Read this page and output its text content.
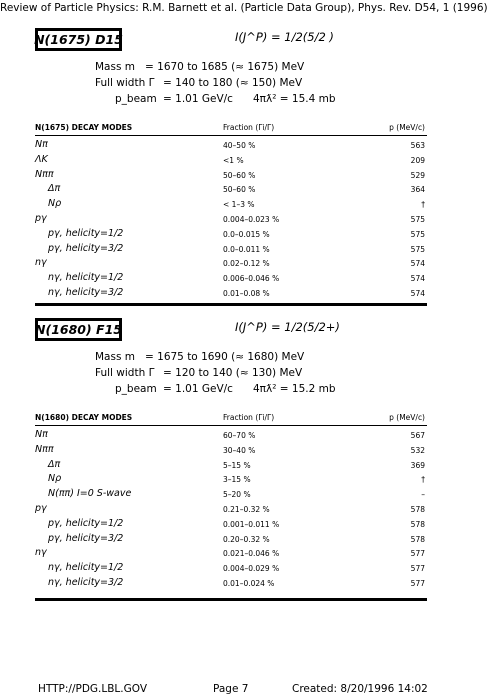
Review of Particle Physics: R.M. Barnett et al. (Particle Data Group), Phys. Rev. D54, 1 (1996)
N(1675) D15	I(J^P) = 1/2(5/2 )
Mass m = 1670 to 1685 (≈ 1675) MeV
Full width Γ = 140 to 180 (≈ 150) MeV
p_beam = 1.01 GeV/c 4πƛ² = 15.4 mb
N(1675) DECAY MODES	Fraction (Γi/Γ)	p (MeV/c)
Nπ	40–50 %	563
ΛK	<1 %	209
Nππ	50–60 %	529
Δπ	50–60 %	364
Nρ	< 1–3 %	†
pγ	0.004–0.023 %	575
pγ, helicity=1/2	0.0–0.015 %	575
pγ, helicity=3/2	0.0–0.011 %	575
nγ	0.02–0.12 %	574
nγ, helicity=1/2	0.006–0.046 %	574
nγ, helicity=3/2	0.01–0.08 %	574
N(1680) F15	I(J^P) = 1/2(5/2+)
Mass m = 1675 to 1690 (≈ 1680) MeV
Full width Γ = 120 to 140 (≈ 130) MeV
p_beam = 1.01 GeV/c 4πƛ² = 15.2 mb
N(1680) DECAY MODES	Fraction (Γi/Γ)	p (MeV/c)
Nπ	60–70 %	567
Nππ	30–40 %	532
Δπ	5–15 %	369
Nρ	3–15 %	†
N(ππ) I=0 S-wave	5–20 %	–
pγ	0.21–0.32 %	578
pγ, helicity=1/2	0.001–0.011 %	578
pγ, helicity=3/2	0.20–0.32 %	578
nγ	0.021–0.046 %	577
nγ, helicity=1/2	0.004–0.029 %	577
nγ, helicity=3/2	0.01–0.024 %	577
HTTP://PDG.LBL.GOV	Page 7	Created: 8/20/1996 14:02
